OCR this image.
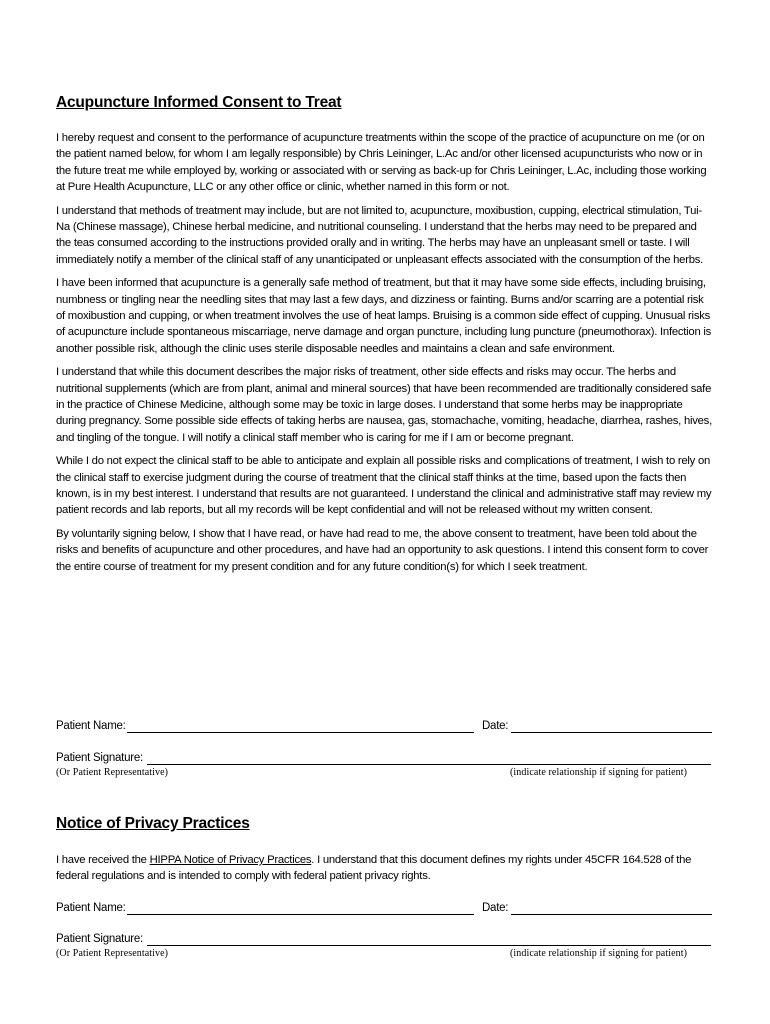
Acupuncture Informed Consent to Treat

I hereby request and consent to the performance of acupuncture treatments within the scope of the practice of acupuncture on me (or on the patient named below, for whom I am legally responsible) by Chris Leininger, L.Ac and/or other licensed acupuncturists who now or in the future treat me while employed by, working or associated with or serving as back-up for Chris Leininger, L.Ac, including those working at Pure Health Acupuncture, LLC or any other office or clinic, whether named in this form or not.

I understand that methods of treatment may include, but are not limited to, acupuncture, moxibustion, cupping, electrical stimulation, Tui-Na (Chinese massage), Chinese herbal medicine, and nutritional counseling. I understand that the herbs may need to be prepared and the teas consumed according to the instructions provided orally and in writing. The herbs may have an unpleasant smell or taste. I will immediately notify a member of the clinical staff of any unanticipated or unpleasant effects associated with the consumption of the herbs.

I have been informed that acupuncture is a generally safe method of treatment, but that it may have some side effects, including bruising, numbness or tingling near the needling sites that may last a few days, and dizziness or fainting. Burns and/or scarring are a potential risk of moxibustion and cupping, or when treatment involves the use of heat lamps. Bruising is a common side effect of cupping. Unusual risks of acupuncture include spontaneous miscarriage, nerve damage and organ puncture, including lung puncture (pneumothorax). Infection is another possible risk, although the clinic uses sterile disposable needles and maintains a clean and safe environment.

I understand that while this document describes the major risks of treatment, other side effects and risks may occur. The herbs and nutritional supplements (which are from plant, animal and mineral sources) that have been recommended are traditionally considered safe in the practice of Chinese Medicine, although some may be toxic in large doses. I understand that some herbs may be inappropriate during pregnancy. Some possible side effects of taking herbs are nausea, gas, stomachache, vomiting, headache, diarrhea, rashes, hives, and tingling of the tongue. I will notify a clinical staff member who is caring for me if I am or become pregnant.

While I do not expect the clinical staff to be able to anticipate and explain all possible risks and complications of treatment, I wish to rely on the clinical staff to exercise judgment during the course of treatment that the clinical staff thinks at the time, based upon the facts then known, is in my best interest. I understand that results are not guaranteed. I understand the clinical and administrative staff may review my patient records and lab reports, but all my records will be kept confidential and will not be released without my written consent.

By voluntarily signing below, I show that I have read, or have had read to me, the above consent to treatment, have been told about the risks and benefits of acupuncture and other procedures, and have had an opportunity to ask questions. I intend this consent form to cover the entire course of treatment for my present condition and for any future condition(s) for which I seek treatment.

Patient Name:	Date:
Patient Signature:
(Or Patient Representative)	(indicate relationship if signing for patient)
Notice of Privacy Practices

I have received the HIPPA Notice of Privacy Practices. I understand that this document defines my rights under 45CFR 164.528 of the federal regulations and is intended to comply with federal patient privacy rights.

Patient Name:	Date:
Patient Signature:
(Or Patient Representative)	(indicate relationship if signing for patient)
